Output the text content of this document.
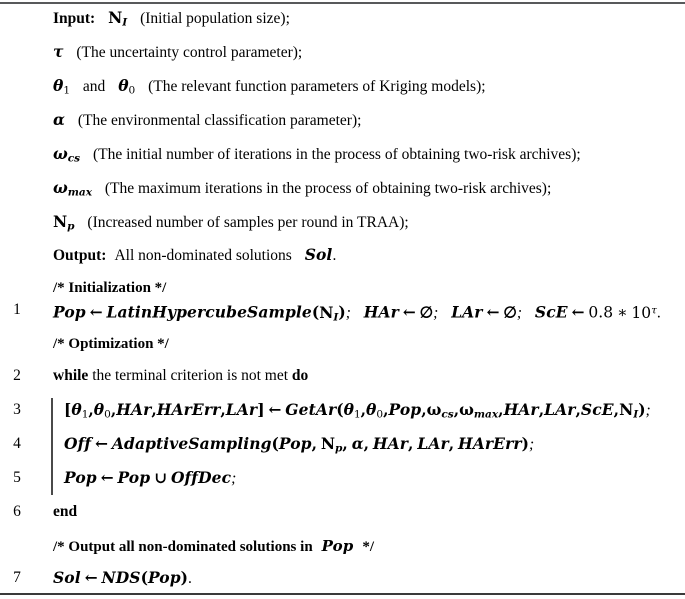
Input: $N_I$ (Initial population size);
τ (The uncertainty control parameter);
$\theta_1$ and $\theta_0$ (The relevant function parameters of Kriging models);
α (The environmental classification parameter);
$\omega_{cs}$ (The initial number of iterations in the process of obtaining two-risk archives);
$\omega_{max}$ (The maximum iterations in the process of obtaining two-risk archives);
$N_p$ (Increased number of samples per round in TRAA);
Output: All non-dominated solutions Sol.
/* Initialization */
1	Pop ← $LatinHypercubeSample(N_I)$; HAr ← ∅; LAr ← ∅; ScE ← 0.8 ∗ $10^\tau$.
/* Optimization */
2	while the terminal criterion is not met do
3	$[\theta_1,\theta_0,HAr,HArErr,LAr]$ ← $GetAr(\theta_1,\theta_0,Pop,\omega_{cs},\omega_{max},HAr,LAr,ScE,N_I)$;
4	Off ← AdaptiveSampling(Pop, $N_p$, α, HAr, LAr, HArErr);
5	Pop ← Pop ∪ OffDec;
6	end
/* Output all non-dominated solutions in Pop */
7	Sol ← NDS(Pop).
